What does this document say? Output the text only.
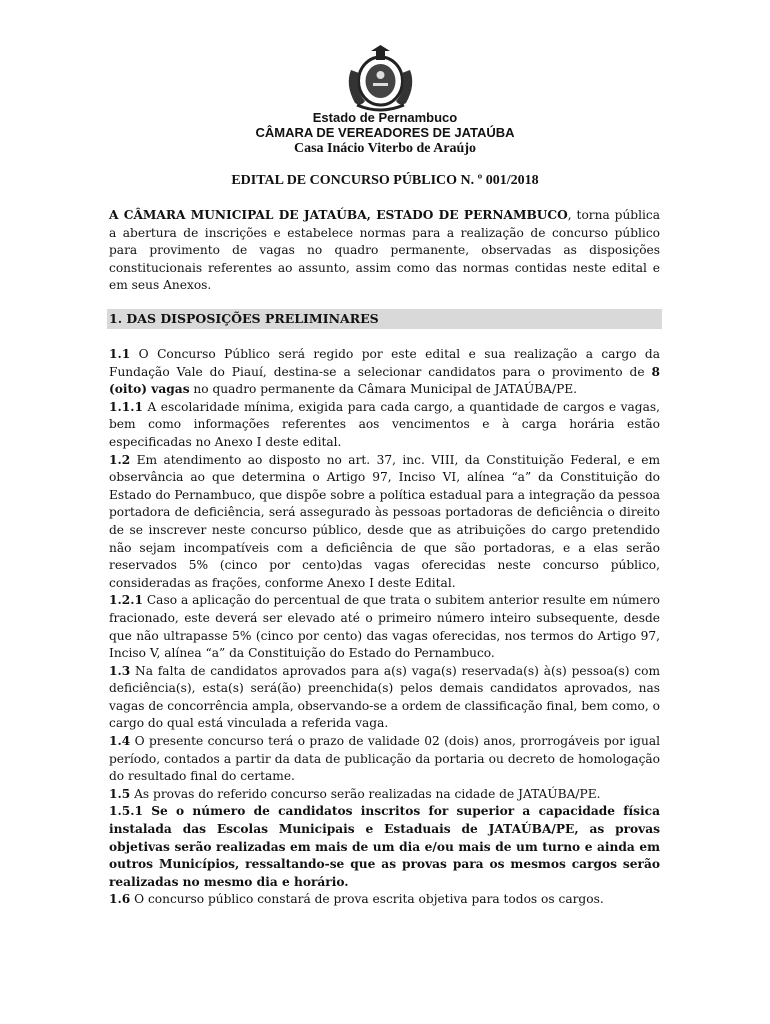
Estado de Pernambuco
CÂMARA DE VEREADORES DE JATAÚBA
Casa Inácio Viterbo de Araújo
EDITAL DE CONCURSO PÚBLICO N. º 001/2018

A CÂMARA MUNICIPAL DE JATAÚBA, ESTADO DE PERNAMBUCO, torna pública a abertura de inscrições e estabelece normas para a realização de concurso público para provimento de vagas no quadro permanente, observadas as disposições constitucionais referentes ao assunto, assim como das normas contidas neste edital e em seus Anexos.

1. DAS DISPOSIÇÕES PRELIMINARES

1.1 O Concurso Público será regido por este edital e sua realização a cargo da Fundação Vale do Piauí, destina-se a selecionar candidatos para o provimento de 8 (oito) vagas no quadro permanente da Câmara Municipal de JATAÚBA/PE.

1.1.1 A escolaridade mínima, exigida para cada cargo, a quantidade de cargos e vagas, bem como informações referentes aos vencimentos e à carga horária estão especificadas no Anexo I deste edital.

1.2 Em atendimento ao disposto no art. 37, inc. VIII, da Constituição Federal, e em observância ao que determina o Artigo 97, Inciso VI, alínea “a” da Constituição do Estado do Pernambuco, que dispõe sobre a política estadual para a integração da pessoa portadora de deficiência, será assegurado às pessoas portadoras de deficiência o direito de se inscrever neste concurso público, desde que as atribuições do cargo pretendido não sejam incompatíveis com a deficiência de que são portadoras, e a elas serão reservados 5% (cinco por cento)das vagas oferecidas neste concurso público, consideradas as frações, conforme Anexo I deste Edital.

1.2.1 Caso a aplicação do percentual de que trata o subitem anterior resulte em número fracionado, este deverá ser elevado até o primeiro número inteiro subsequente, desde que não ultrapasse 5% (cinco por cento) das vagas oferecidas, nos termos do Artigo 97, Inciso V, alínea “a” da Constituição do Estado do Pernambuco.

1.3 Na falta de candidatos aprovados para a(s) vaga(s) reservada(s) à(s) pessoa(s) com deficiência(s), esta(s) será(ão) preenchida(s) pelos demais candidatos aprovados, nas vagas de concorrência ampla, observando-se a ordem de classificação final, bem como, o cargo do qual está vinculada a referida vaga.

1.4 O presente concurso terá o prazo de validade 02 (dois) anos, prorrogáveis por igual período, contados a partir da data de publicação da portaria ou decreto de homologação do resultado final do certame.

1.5 As provas do referido concurso serão realizadas na cidade de JATAÚBA/PE.

1.5.1 Se o número de candidatos inscritos for superior a capacidade física instalada das Escolas Municipais e Estaduais de JATAÚBA/PE, as provas objetivas serão realizadas em mais de um dia e/ou mais de um turno e ainda em outros Municípios, ressaltando-se que as provas para os mesmos cargos serão realizadas no mesmo dia e horário.

1.6 O concurso público constará de prova escrita objetiva para todos os cargos.
